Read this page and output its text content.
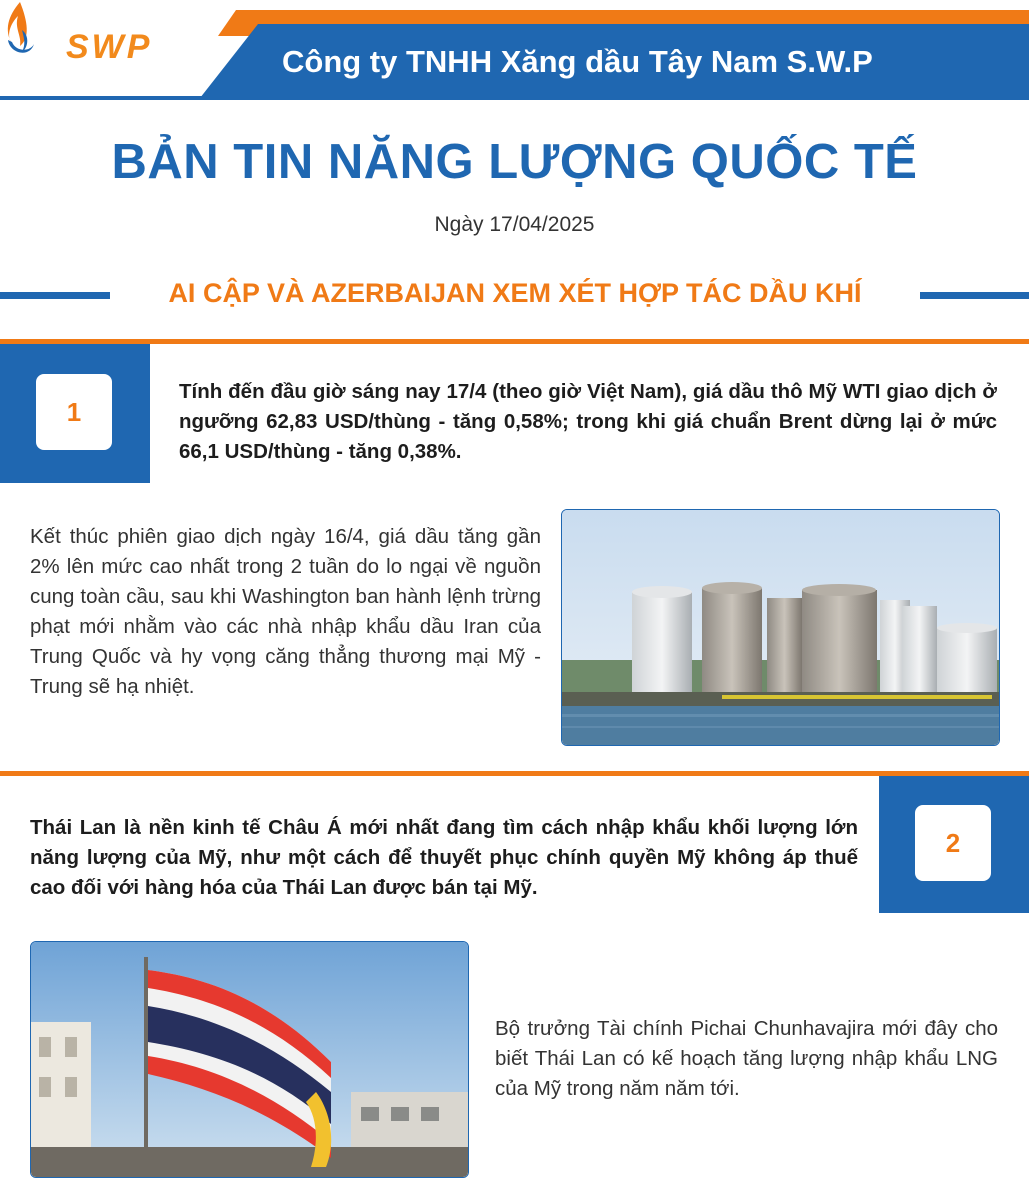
SWP	Công ty TNHH Xăng dầu Tây Nam S.W.P
BẢN TIN NĂNG LƯỢNG QUỐC TẾ
Ngày 17/04/2025
AI CẬP VÀ AZERBAIJAN XEM XÉT HỢP TÁC DẦU KHÍ
1
Tính đến đầu giờ sáng nay 17/4 (theo giờ Việt Nam), giá dầu thô Mỹ WTI giao dịch ở ngưỡng 62,83 USD/thùng - tăng 0,58%; trong khi giá chuẩn Brent dừng lại ở mức 66,1 USD/thùng - tăng 0,38%.
Kết thúc phiên giao dịch ngày 16/4, giá dầu tăng gần 2% lên mức cao nhất trong 2 tuần do lo ngại về nguồn cung toàn cầu, sau khi Washington ban hành lệnh trừng phạt mới nhằm vào các nhà nhập khẩu dầu Iran của Trung Quốc và hy vọng căng thẳng thương mại Mỹ - Trung sẽ hạ nhiệt.
2
Thái Lan là nền kinh tế Châu Á mới nhất đang tìm cách nhập khẩu khối lượng lớn năng lượng của Mỹ, như một cách để thuyết phục chính quyền Mỹ không áp thuế cao đối với hàng hóa của Thái Lan được bán tại Mỹ.
Bộ trưởng Tài chính Pichai Chunhavajira mới đây cho biết Thái Lan có kế hoạch tăng lượng nhập khẩu LNG của Mỹ trong năm năm tới.
